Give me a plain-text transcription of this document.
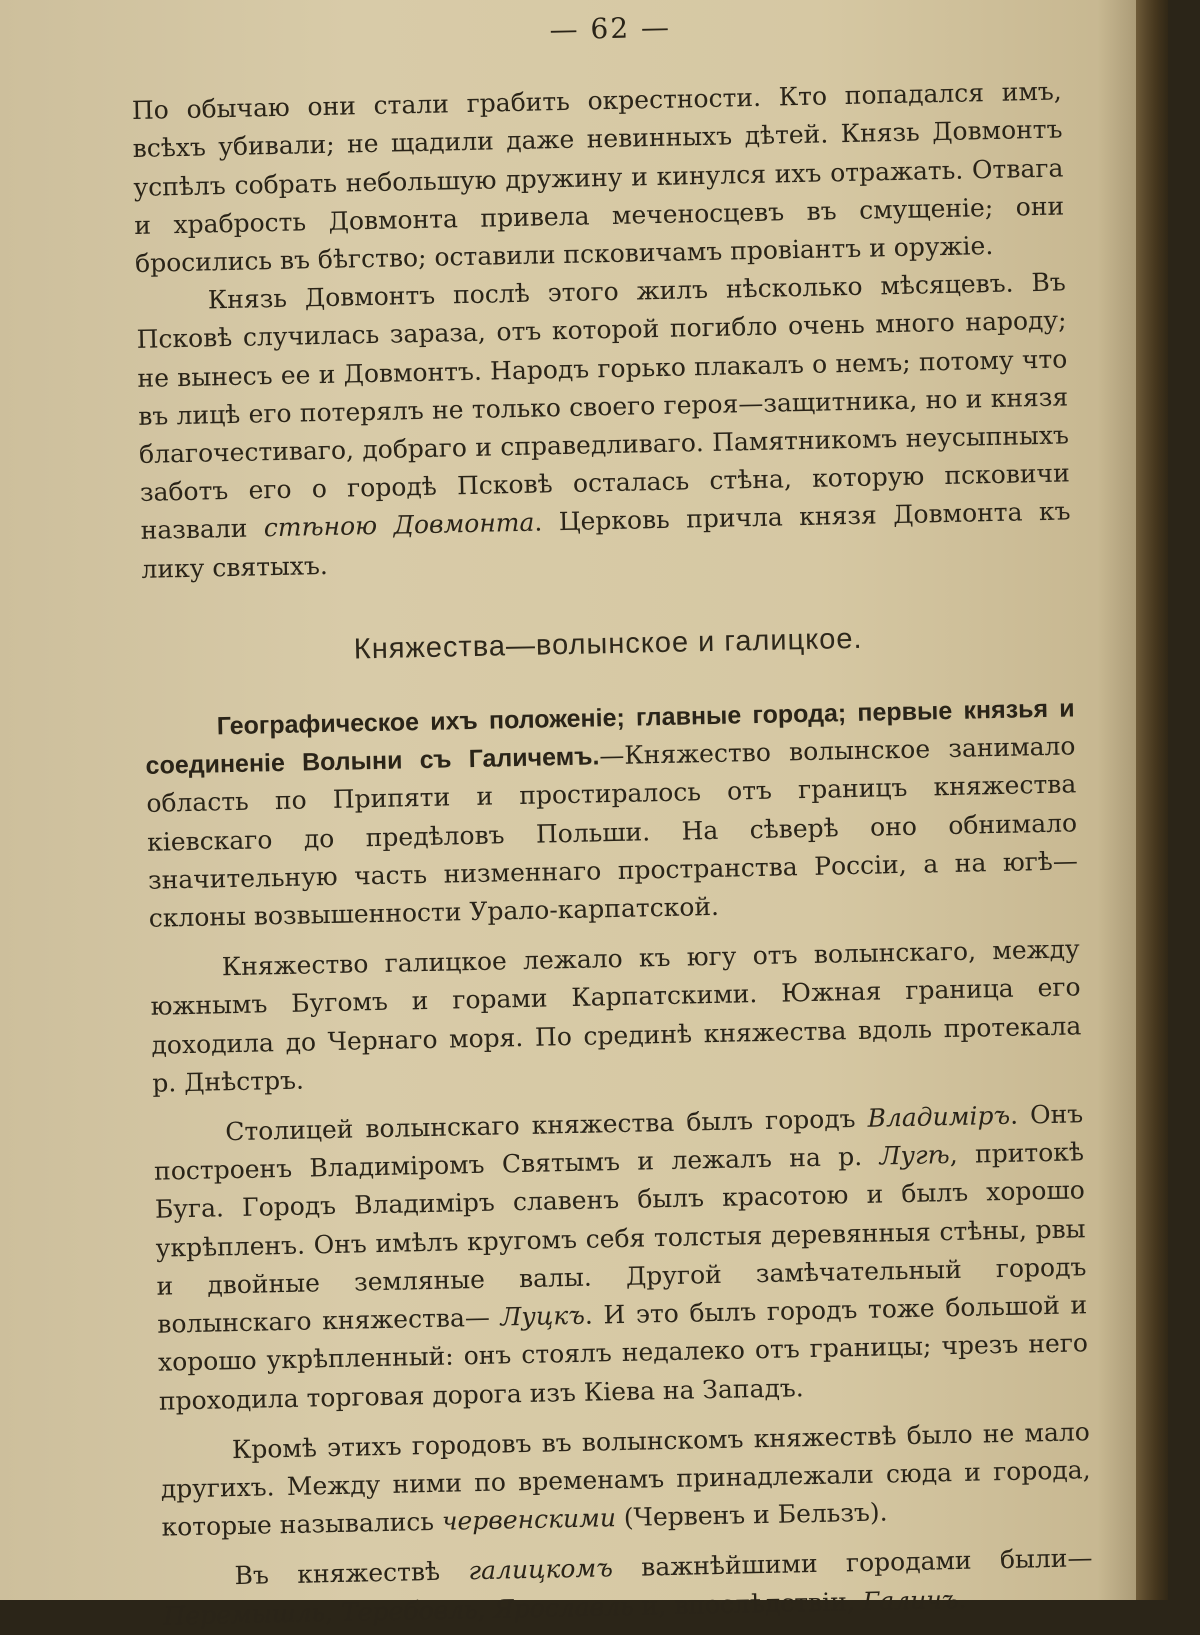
— 62 —

По обычаю они стали грабить окрестности. Кто попадался имъ, всѣхъ убивали; не щадили даже невинныхъ дѣтей. Князь Довмонтъ успѣлъ собрать небольшую дружину и кинулся ихъ отражать. Отвага и храбрость Довмонта привела меченосцевъ въ смущеніе; они бросились въ бѣгство; оставили псковичамъ провіантъ и оружіе.

Князь Довмонтъ послѣ этого жилъ нѣсколько мѣсяцевъ. Въ Псковѣ случилась зараза, отъ которой погибло очень много народу; не вынесъ ее и Довмонтъ. Народъ горько плакалъ о немъ; потому что въ лицѣ его потерялъ не только своего героя—защитника, но и князя благочестиваго, добраго и справедливаго. Памятникомъ неусыпныхъ заботъ его о городѣ Псковѣ осталась стѣна, которую псковичи назвали стѣною Довмонта. Церковь причла князя Довмонта къ лику святыхъ.

Княжества—волынское и галицкое.

Географическое ихъ положеніе; главные города; первые князья и соединеніе Волыни съ Галичемъ.—Княжество волынское занимало область по Припяти и простиралось отъ границъ княжества кіевскаго до предѣловъ Польши. На сѣверѣ оно обнимало значительную часть низменнаго пространства Россіи, а на югѣ—склоны возвышенности Урало-карпатской.

Княжество галицкое лежало къ югу отъ волынскаго, между южнымъ Бугомъ и горами Карпатскими. Южная граница его доходила до Чернаго моря. По срединѣ княжества вдоль протекала р. Днѣстръ.

Столицей волынскаго княжества былъ городъ Владиміръ. Онъ построенъ Владиміромъ Святымъ и лежалъ на р. Лугѣ, притокѣ Буга. Городъ Владиміръ славенъ былъ красотою и былъ хорошо укрѣпленъ. Онъ имѣлъ кругомъ себя толстыя деревянныя стѣны, рвы и двойные земляные валы. Другой замѣчательный городъ волынскаго княжества— Луцкъ. И это былъ городъ тоже большой и хорошо укрѣпленный: онъ стоялъ недалеко отъ границы; чрезъ него проходила торговая дорога изъ Кіева на Западъ.

Кромѣ этихъ городовъ въ волынскомъ княжествѣ было не мало другихъ. Между ними по временамъ принадлежали сюда и города, которые назывались червенскими (Червенъ и Бельзъ).

Въ княжествѣ галицкомъ важнѣйшими городами были— Перемышль, Теребовль, Ярославль и, впослѣдствіи, Галичъ.
